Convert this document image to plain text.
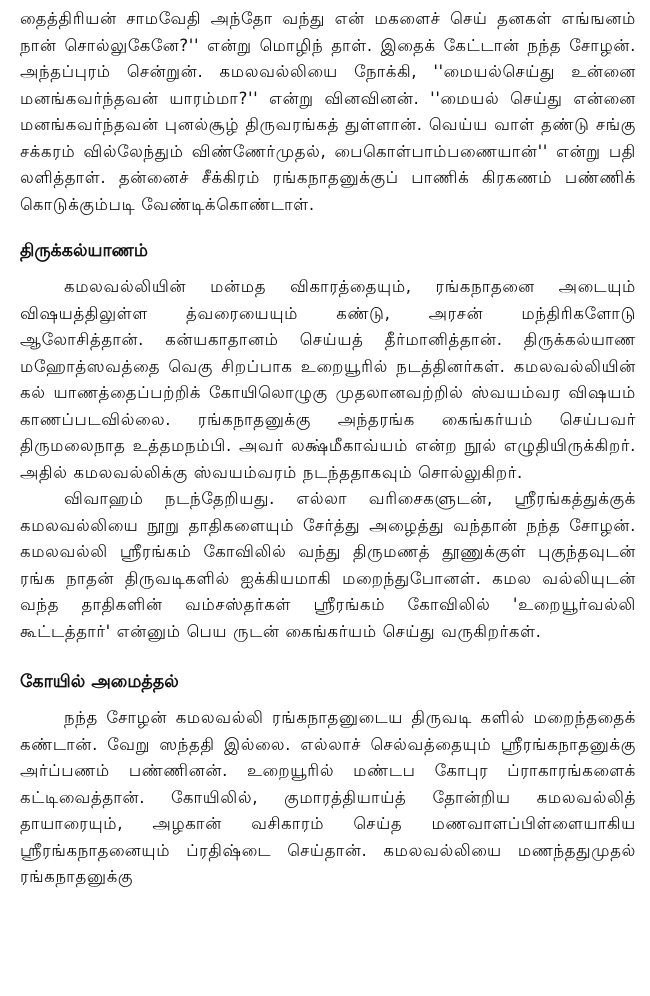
தைத்திரியன் சாமவேதி அந்தோ வந்து என் மகளைச் செய் தனகள் எங்ஙனம் நான் சொல்லுகேனே?'' என்று மொழிந் தாள். இதைக் கேட்டான் நந்த சோழன். அந்தப்புரம் சென்றுன். கமலவல்லியை நோக்கி, ''மையல்செய்து உன்னை மனங்கவர்ந்தவன் யாரம்மா?'' என்று வினவினன். ''மையல் செய்து என்னை மனங்கவர்ந்தவன் புனல்சூழ் திருவரங்கத் துள்ளான். வெய்ய வாள் தண்டு சங்கு சக்கரம் வில்லேந்தும் விண்ணேர்முதல், பைகொள்பாம்பணையான்'' என்று பதி லளித்தாள். தன்னைச் சீக்கிரம் ரங்கநாதனுக்குப் பாணிக் கிரகணம் பண்ணிக் கொடுக்கும்படி வேண்டிக்கொண்டாள்.

திருக்கல்யாணம்

கமலவல்லியின் மன்மத விகாரத்தையும், ரங்கநாதனை அடையும் விஷயத்திலுள்ள த்வரையையும் கண்டு, அரசன் மந்திரிகளோடு ஆலோசித்தான். கன்யகாதானம் செய்யத் தீர்மானித்தான். திருக்கல்யாண மஹோத்ஸவத்தை வெகு சிறப்பாக உறையூரில் நடத்தினர்கள். கமலவல்லியின் கல் யாணத்தைப்பற்றிக் கோயிலொழுகு முதலானவற்றில் ஸ்வயம்வர விஷயம் காணப்படவில்லை. ரங்கநாதனுக்கு அந்தரங்க கைங்கர்யம் செய்பவர் திருமலைநாத உத்தமநம்பி. அவர் லக்ஷ்மீகாவ்யம் என்ற நூல் எழுதியிருக்கிறர். அதில் கமலவல்லிக்கு ஸ்வயம்வரம் நடந்ததாகவும் சொல்லுகிறர்.

விவாஹம் நடந்தேறியது. எல்லா வரிசைகளுடன், ஸ்ரீரங்கத்துக்குக் கமலவல்லியை நூறு தாதிகளையும் சேர்த்து அழைத்து வந்தான் நந்த சோழன். கமலவல்லி ஸ்ரீரங்கம் கோவிலில் வந்து திருமணத் தூணுக்குள் புகுந்தவுடன் ரங்க நாதன் திருவடிகளில் ஐக்கியமாகி மறைந்துபோனள். கமல வல்லியுடன் வந்த தாதிகளின் வம்சஸ்தர்கள் ஸ்ரீரங்கம் கோவிலில் 'உறையூர்வல்லி கூட்டத்தார்' என்னும் பெய ருடன் கைங்கர்யம் செய்து வருகிறர்கள்.

கோயில் அமைத்தல்

நந்த சோழன் கமலவல்லி ரங்கநாதனுடைய திருவடி களில் மறைந்ததைக் கண்டான். வேறு ஸந்ததி இல்லை. எல்லாச் செல்வத்தையும் ஸ்ரீரங்கநாதனுக்கு அர்ப்பணம் பண்ணினன். உறையூரில் மண்டப கோபுர ப்ராகாரங்களைக் கட்டிவைத்தான். கோயிலில், குமாரத்தியாய்த் தோன்றிய கமலவல்லித் தாயாரையும், அழகான் வசிகாரம் செய்த மணவாளப்பிள்ளையாகிய ஸ்ரீரங்கநாதனையும் ப்ரதிஷ்டை செய்தான். கமலவல்லியை மணந்ததுமுதல் ரங்கநாதனுக்கு
